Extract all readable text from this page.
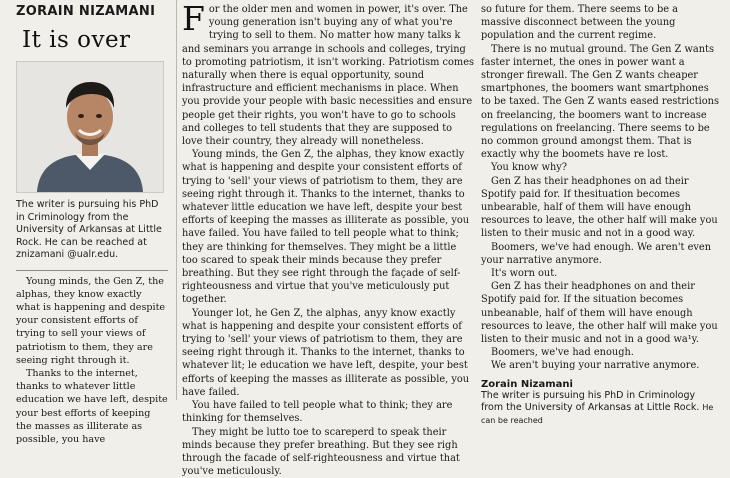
ZORAIN NIZAMANI
It is over
The writer is pursuing his PhD in Criminology from the University of Arkansas at Little Rock. He can be reached at znizamani @ualr.edu.

Young minds, the Gen Z, the alphas, they know exactly what is happening and despite your consistent efforts of trying to sell your views of patriotism to them, they are seeing right through it.

Thanks to the internet, thanks to whatever little education we have left, despite your best efforts of keeping the masses as illiterate as possible, you have

For the older men and women in power, it's over. The young generation isn't buying any of what you're trying to sell to them. No matter how many talks k and seminars you arrange in schools and colleges, trying to promoting patriotism, it isn't working. Patriotism comes naturally when there is equal opportunity, sound infrastructure and efficient mechanisms in place. When you provide your people with basic necessities and ensure people get their rights, you won't have to go to schools and colleges to tell students that they are supposed to love their country, they already will nonetheless.

Young minds, the Gen Z, the alphas, they know exactly what is happening and despite your consistent efforts of trying to 'sell' your views of patriotism to them, they are seeing right through it. Thanks to the internet, thanks to whatever little education we have left, despite your best efforts of keeping the masses as illiterate as possible, you have failed. You have failed to tell people what to think; they are thinking for themselves. They might be a little too scared to speak their minds because they prefer breathing. But they see right through the façade of self-righteousness and virtue that you've meticulously put together.

Younger lot, he Gen Z, the alphas, anyy know exactly what is happening and despite your consistent efforts of trying to 'sell' your views of patriotism to them, they are seeing right through it. Thanks to the internet, thanks to whatever lit; le education we have left, despite, your best efforts of keeping the masses as illiterate as possible, you have failed.

You have failed to tell people what to think; they are thinking for themselves.

They might be lutto toe to scareperd to speak their minds because they prefer breathing. But they see righ through the facade of self-righteousness and virtue that you've meticulously.

so future for them. There seems to be a massive disconnect between the young population and the current regime.

There is no mutual ground. The Gen Z wants faster internet, the ones in power want a stronger firewall. The Gen Z wants cheaper smartphones, the boomers want smartphones to be taxed. The Gen Z wants eased restrictions on freelancing, the boomers want to increase regulations on freelancing. There seems to be no common ground amongst them. That is exactly why the boomets have re lost.

You know why?

Gen Z has their headphones on ad their Spotify paid for. If thesituation becomes unbearable, half of them will have enough resources to leave, the other half will make you listen to their music and not in a good way.

Boomers, we've had enough. We aren't even your narrative anymore.

It's worn out.

Gen Z has their headphones on and their Spotify paid for. If the situation becomes unbeanable, half of them will have enough resources to leave, the other half will make you listen to their music and not in a good wa¹y.

Boomers, we've had enough.

We aren't buying your narrative anymore.

Zorain Nizamani
The writer is pursuing his PhD in Criminology from the University of Arkansas at Little Rock. He can be reached
